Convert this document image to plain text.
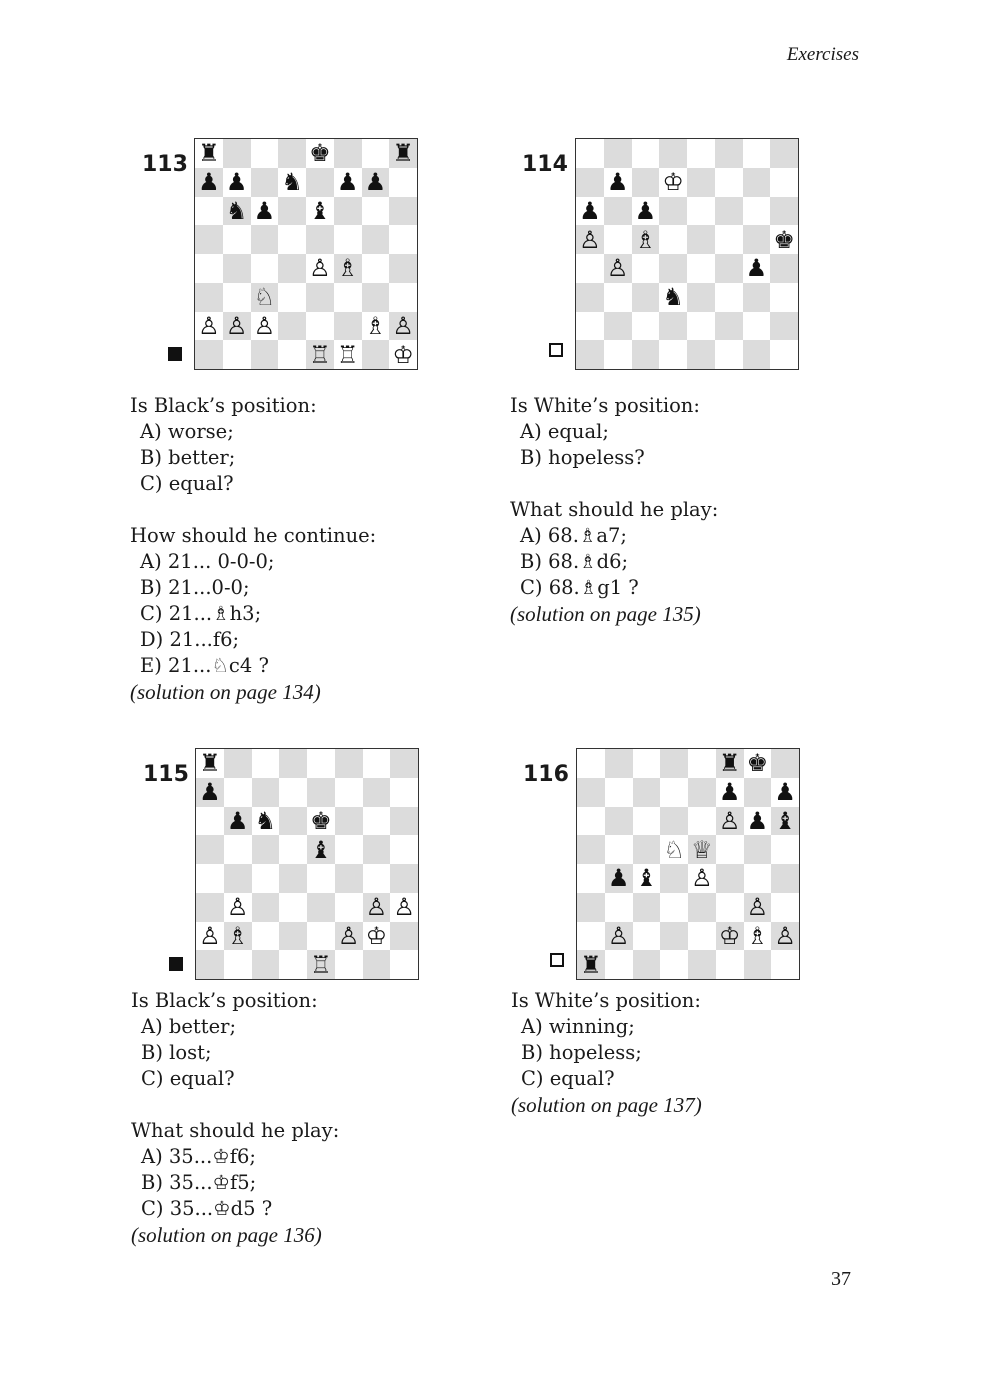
Exercises
37
113 ♜	♚	♜
♟ ♟ ♞ ♟ ♟
♞ ♟ ♝
♙ ♗
♘
♙ ♙ ♙	♗ ♙
♖ ♖ ♔
Is Black’s position:
A) worse;
B) better;
C) equal?
How should he continue:
A) 21... 0-0-0;
B) 21...0-0;
C) 21...♗h3;
D) 21...f6;
E) 21...♘c4 ?
(solution on page 134)
114
♟ ♔
♟ ♟
♙ ♗	♚
♙	♟
♞
Is White’s position:
A) equal;
B) hopeless?
What should he play:
A) 68.♗a7;
B) 68.♗d6;
C) 68.♗g1 ?
(solution on page 135)
115 ♜
♟
♟ ♞ ♚
♝
♙	♙ ♙
♙ ♗	♙ ♔
♖
Is Black’s position:
A) better;
B) lost;
C) equal?
What should he play:
A) 35...♔f6;
B) 35...♔f5;
C) 35...♔d5 ?
(solution on page 136)
116	♜ ♚
♟ ♟
♙ ♟ ♝
♘ ♕
♟ ♝ ♙
♙
♙	♔ ♗ ♙
♜
Is White’s position:
A) winning;
B) hopeless;
C) equal?
(solution on page 137)
